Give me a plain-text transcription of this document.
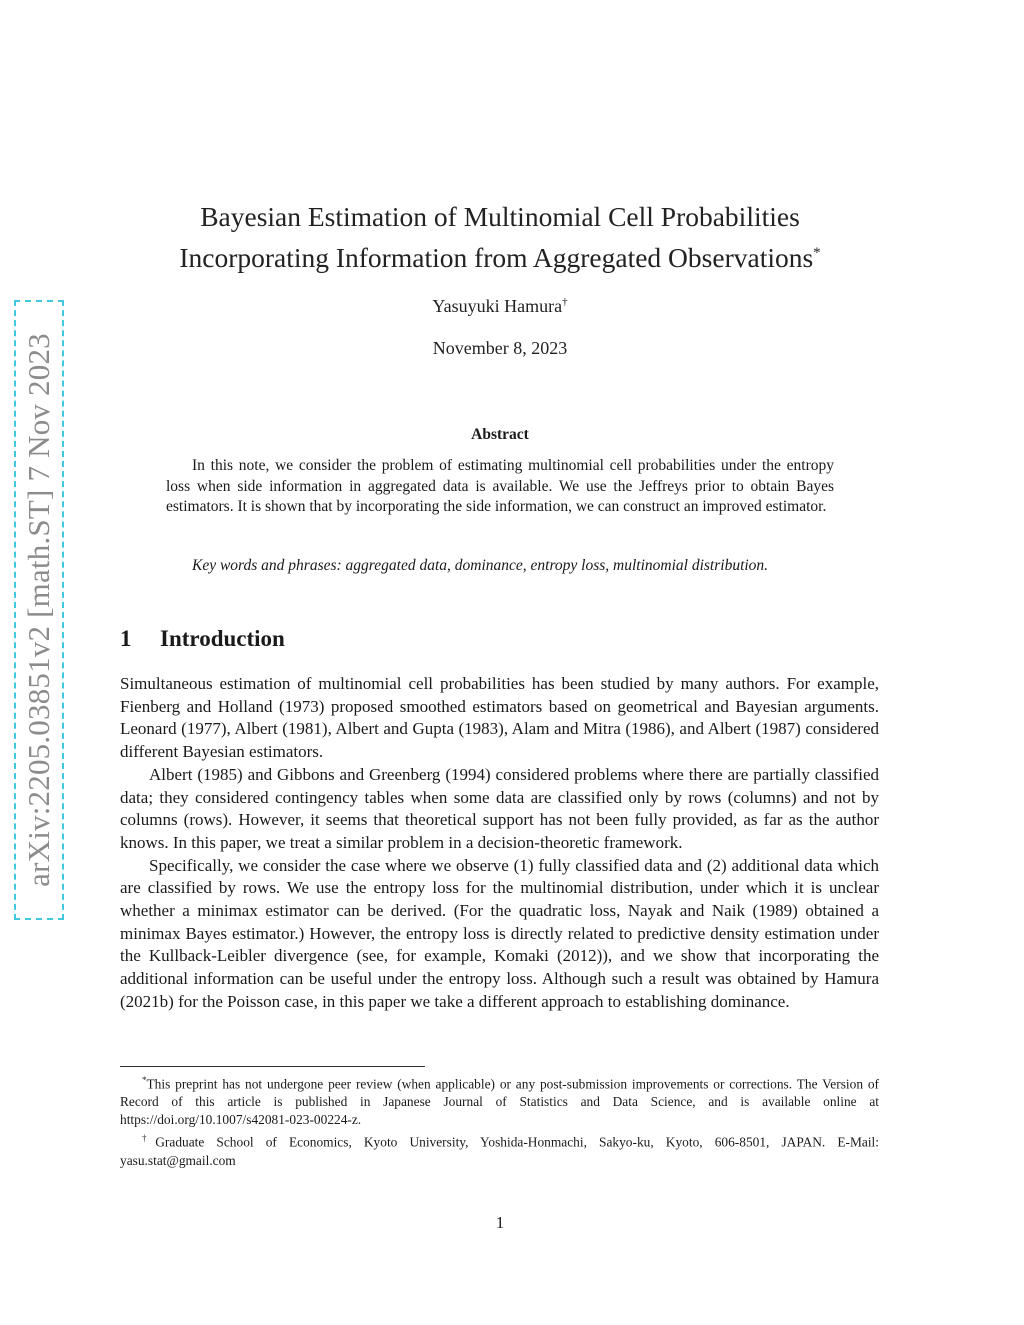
arXiv:2205.03851v2 [math.ST] 7 Nov 2023
Bayesian Estimation of Multinomial Cell Probabilities
Incorporating Information from Aggregated Observations*
Yasuyuki Hamura†
November 8, 2023
Abstract

In this note, we consider the problem of estimating multinomial cell probabilities under the entropy loss when side information in aggregated data is available. We use the Jeffreys prior to obtain Bayes estimators. It is shown that by incorporating the side information, we can construct an improved estimator.

Key words and phrases: aggregated data, dominance, entropy loss, multinomial distribution.

1 Introduction

Simultaneous estimation of multinomial cell probabilities has been studied by many authors. For example, Fienberg and Holland (1973) proposed smoothed estimators based on geometrical and Bayesian arguments. Leonard (1977), Albert (1981), Albert and Gupta (1983), Alam and Mitra (1986), and Albert (1987) considered different Bayesian estimators.

Albert (1985) and Gibbons and Greenberg (1994) considered problems where there are partially classified data; they considered contingency tables when some data are classified only by rows (columns) and not by columns (rows). However, it seems that theoretical support has not been fully provided, as far as the author knows. In this paper, we treat a similar problem in a decision-theoretic framework.

Specifically, we consider the case where we observe (1) fully classified data and (2) additional data which are classified by rows. We use the entropy loss for the multinomial distribution, under which it is unclear whether a minimax estimator can be derived. (For the quadratic loss, Nayak and Naik (1989) obtained a minimax Bayes estimator.) However, the entropy loss is directly related to predictive density estimation under the Kullback-Leibler divergence (see, for example, Komaki (2012)), and we show that incorporating the additional information can be useful under the entropy loss. Although such a result was obtained by Hamura (2021b) for the Poisson case, in this paper we take a different approach to establishing dominance.

*This preprint has not undergone peer review (when applicable) or any post-submission improvements or corrections. The Version of Record of this article is published in Japanese Journal of Statistics and Data Science, and is available online at https://doi.org/10.1007/s42081-023-00224-z.

†Graduate School of Economics, Kyoto University, Yoshida-Honmachi, Sakyo-ku, Kyoto, 606-8501, JAPAN. E-Mail: yasu.stat@gmail.com

1
